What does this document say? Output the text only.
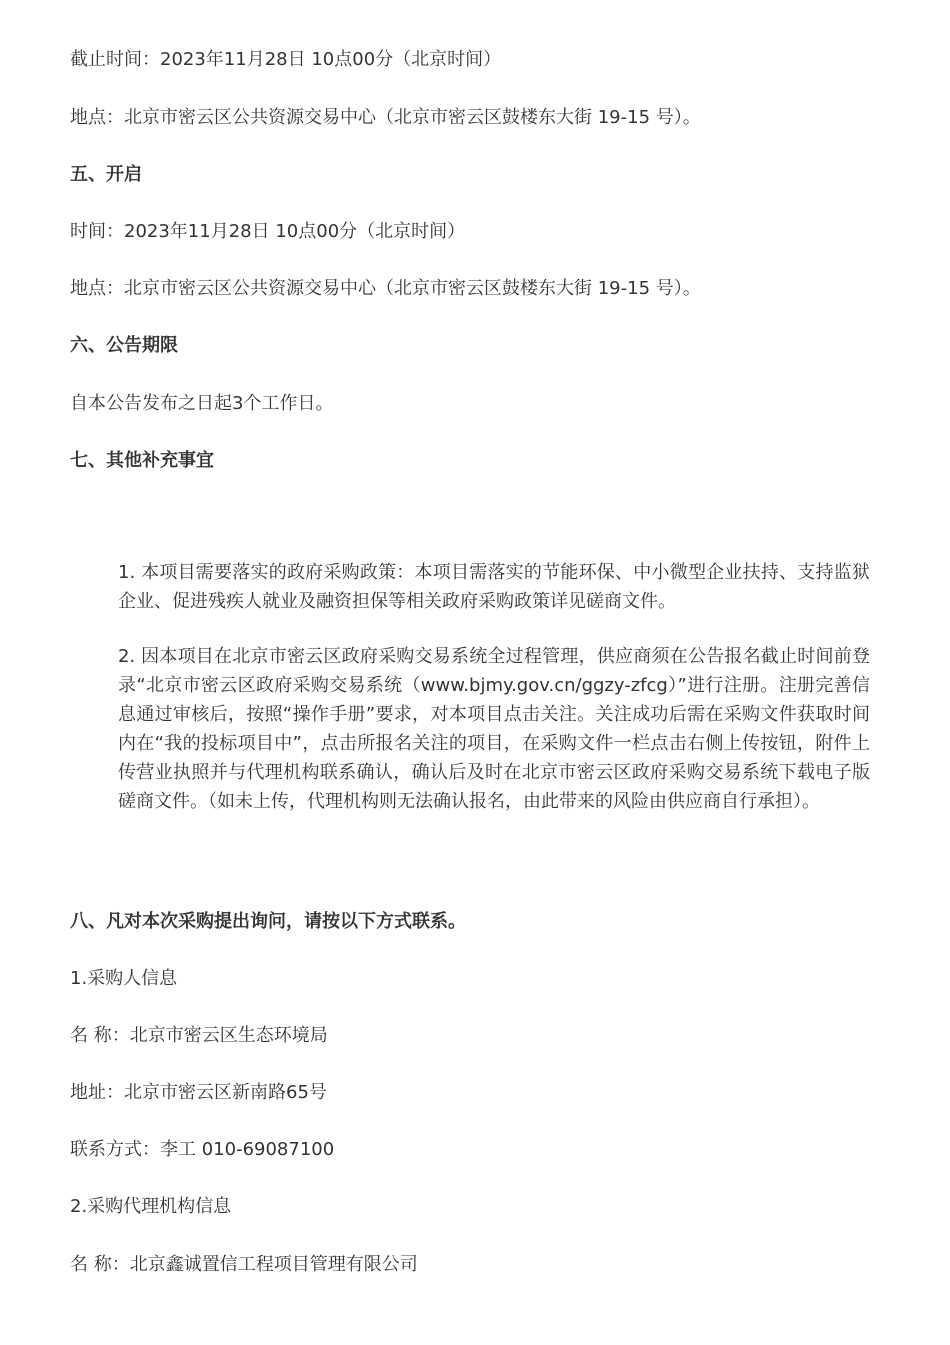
截止时间：2023年11月28日 10点00分（北京时间）
地点：北京市密云区公共资源交易中心（北京市密云区鼓楼东大街 19-15 号）。
五、开启
时间：2023年11月28日 10点00分（北京时间）
地点：北京市密云区公共资源交易中心（北京市密云区鼓楼东大街 19-15 号）。
六、公告期限
自本公告发布之日起3个工作日。
七、其他补充事宜
1. 本项目需要落实的政府采购政策：本项目需落实的节能环保、中小微型企业扶持、支持监狱企业、促进残疾人就业及融资担保等相关政府采购政策详见磋商文件。
2. 因本项目在北京市密云区政府采购交易系统全过程管理，供应商须在公告报名截止时间前登录“北京市密云区政府采购交易系统（www.bjmy.gov.cn/ggzy-zfcg）”进行注册。注册完善信息通过审核后，按照“操作手册”要求，对本项目点击关注。关注成功后需在采购文件获取时间内在“我的投标项目中”，点击所报名关注的项目，在采购文件一栏点击右侧上传按钮，附件上传营业执照并与代理机构联系确认，确认后及时在北京市密云区政府采购交易系统下载电子版磋商文件。（如未上传，代理机构则无法确认报名，由此带来的风险由供应商自行承担）。
八、凡对本次采购提出询问，请按以下方式联系。
1.采购人信息
名 称：北京市密云区生态环境局
地址：北京市密云区新南路65号
联系方式：李工 010-69087100
2.采购代理机构信息
名 称：北京鑫诚置信工程项目管理有限公司
